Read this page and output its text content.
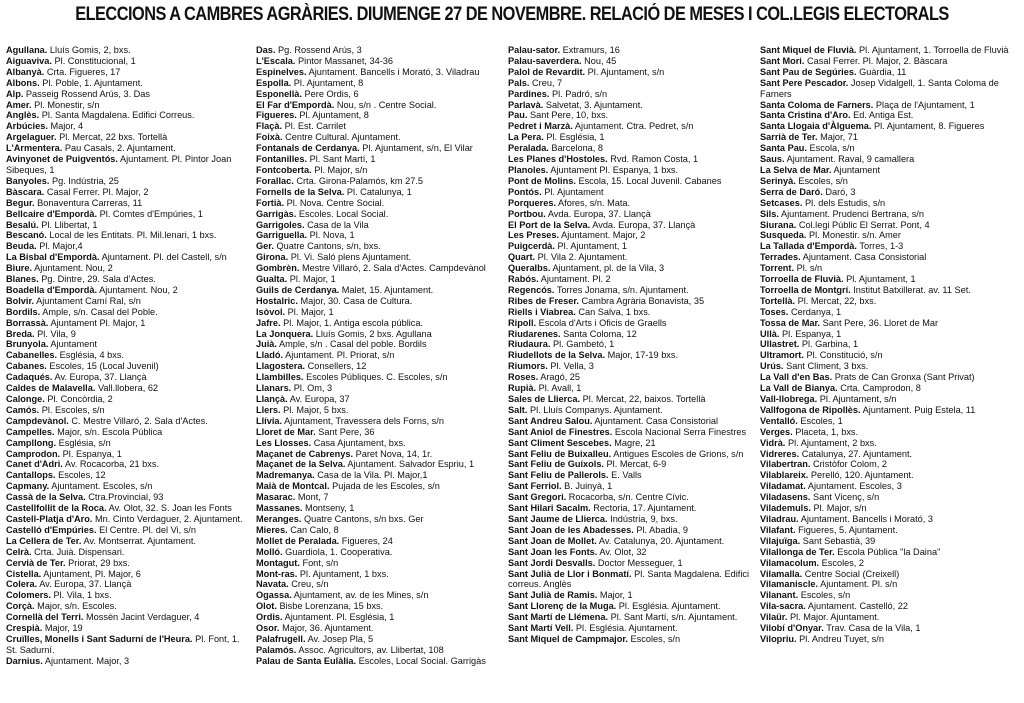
ELECCIONS A CAMBRES AGRÀRIES. DIUMENGE 27 DE NOVEMBRE. RELACIÓ DE MESES I COL.LEGIS ELECTORALS

Agullana. Lluís Gomis, 2, bxs.

Aiguaviva. Pl. Constitucional, 1

Albanyà. Crta. Figueres, 17

Albons. Pl. Poble, 1. Ajuntament.

Alp. Passeig Rossend Arús, 3. Das

Amer. Pl. Monestir, s/n

Anglès. Pl. Santa Magdalena. Edifici Correus.

Arbúcies. Major, 4

Argelaguer. Pl. Mercat, 22 bxs. Tortellà

L'Armentera. Pau Casals, 2. Ajuntament.

Avinyonet de Puigventós. Ajuntament. Pl. Pintor Joan Sibeques, 1

Banyoles. Pg. Indústria, 25

Bàscara. Casal Ferrer. Pl. Major, 2

Begur. Bonaventura Carreras, 11

Bellcaire d'Empordà. Pl. Comtes d'Empúries, 1

Besalú. Pl. Llibertat, 1

Bescanó. Local de les Entitats. Pl. Mil.lenari, 1 bxs.

Beuda. Pl. Major,4

La Bisbal d'Empordà. Ajuntament. Pl. del Castell, s/n

Biure. Ajuntament. Nou, 2

Blanes. Pg. Dintre, 29. Sala d'Actes.

Boadella d'Empordà. Ajuntament. Nou, 2

Bolvir. Ajuntament Camí Ral, s/n

Bordils. Ample, s/n. Casal del Poble.

Borrassà. Ajuntament Pl. Major, 1

Breda. Pl. Vila, 9

Brunyola. Ajuntament

Cabanelles. Església, 4 bxs.

Cabanes. Escoles, 15 (Local Juvenil)

Cadaqués. Av. Europa, 37. Llançà

Caldes de Malavella. Vall.llobera, 62

Calonge. Pl. Concòrdia, 2

Camós. Pl. Escoles, s/n

Campdevànol. C. Mestre Villaró, 2. Sala d'Actes.

Campelles. Major, s/n. Escola Pública

Campllong. Església, s/n

Camprodon. Pl. Espanya, 1

Canet d'Adri. Av. Rocacorba, 21 bxs.

Cantallops. Escoles, 12

Capmany. Ajuntament. Escoles, s/n

Cassà de la Selva. Ctra.Provincial, 93

Castellfollit de la Roca. Av. Olot, 32. S. Joan les Fonts

Castell-Platja d'Aro. Mn. Cinto Verdaguer, 2. Ajuntament.

Castelló d'Empúries. El Centre. Pl. del Vi, s/n

La Cellera de Ter. Av. Montserrat. Ajuntament.

Celrà. Crta. Juià. Dispensari.

Cervià de Ter. Priorat, 29 bxs.

Cistella. Ajuntament, Pl. Major, 6

Colera. Av. Europa, 37. Llançà

Colomers. Pl. Vila, 1 bxs.

Corçà. Major, s/n. Escoles.

Cornellà del Terri. Mossèn Jacint Verdaguer, 4

Crespià. Major, 19

Cruïlles, Monells i Sant Sadurní de l'Heura. Pl. Font, 1. St. Sadurní.

Darnius. Ajuntament. Major, 3

Das. Pg. Rossend Arús, 3

L'Escala. Pintor Massanet, 34-36

Espinelves. Ajuntament. Bancells i Morató, 3. Viladrau

Espolla. Pl. Ajuntament, 8

Esponellà. Pere Ordis, 6

El Far d'Empordà. Nou, s/n . Centre Social.

Figueres. Pl. Ajuntament, 8

Flaçà. Pl. Est. Carrilet

Foixà. Centre Cultural. Ajuntament.

Fontanals de Cerdanya. Pl. Ajuntament, s/n, El Vilar

Fontanilles. Pl. Sant Martí, 1

Fontcoberta. Pl. Major, s/n

Forallac. Crta. Girona-Palamós, km 27.5

Fornells de la Selva. Pl. Catalunya, 1

Fortià. Pl. Nova. Centre Social.

Garrigàs. Escoles. Local Social.

Garrigoles. Casa de la Vila

Garriguella. Pl. Nova, 1

Ger. Quatre Cantons, s/n, bxs.

Girona. Pl. Vi. Saló plens Ajuntament.

Gombrèn. Mestre Villaró, 2. Sala d'Actes. Campdevànol

Gualta. Pl. Major, 1

Guils de Cerdanya. Malet, 15. Ajuntament.

Hostalric. Major, 30. Casa de Cultura.

Isòvol. Pl. Major, 1

Jafre. Pl. Major, 1. Antiga escola pública.

La Jonquera. Lluís Gomis, 2 bxs. Agullana

Juià. Ample, s/n . Casal del poble. Bordils

Lladó. Ajuntament. Pl. Priorat, s/n

Llagostera. Consellers, 12

Llambilles. Escoles Públiques. C. Escoles, s/n

Llanars. Pl. Om, 3

Llançà. Av. Europa, 37

Llers. Pl. Major, 5 bxs.

Llívia. Ajuntament, Travessera dels Forns, s/n

Lloret de Mar. Sant Pere, 36

Les Llosses. Casa Ajuntament, bxs.

Maçanet de Cabrenys. Paret Nova, 14, 1r.

Maçanet de la Selva. Ajuntament. Salvador Espriu, 1

Madremanya. Casa de la Vila. Pl. Major,1

Maià de Montcal. Pujada de les Escoles, s/n

Masarac. Mont, 7

Massanes. Montseny, 1

Meranges. Quatre Cantons, s/n bxs. Ger

Mieres. Can Calo, 8

Mollet de Peralada. Figueres, 24

Molló. Guardiola, 1. Cooperativa.

Montagut. Font, s/n

Mont-ras. Pl. Ajuntament, 1 bxs.

Navata. Creu, s/n

Ogassa. Ajuntament, av. de les Mines, s/n

Olot. Bisbe Lorenzana, 15 bxs.

Ordis. Ajuntament. Pl. Església, 1

Osor. Major, 36. Ajuntament.

Palafrugell. Av. Josep Pla, 5

Palamós. Assoc. Agricultors, av. Llibertat, 108

Palau de Santa Eulàlia. Escoles, Local Social. Garrigàs

Palau-sator. Extramurs, 16

Palau-saverdera. Nou, 45

Palol de Revardit. Pl. Ajuntament, s/n

Pals. Creu, 7

Pardines. Pl. Padró, s/n

Parlavà. Salvetat, 3. Ajuntament.

Pau. Sant Pere, 10, bxs.

Pedret i Marzà. Ajuntament. Ctra. Pedret, s/n

La Pera. Pl. Església, 1

Peralada. Barcelona, 8

Les Planes d'Hostoles. Rvd. Ramon Costa, 1

Planoles. Ajuntament Pl. Espanya, 1 bxs.

Pont de Molins. Escola, 15. Local Juvenil. Cabanes

Pontós. Pl. Ajuntament

Porqueres. Afores, s/n. Mata.

Portbou. Avda. Europa, 37. Llançà

El Port de la Selva. Avda. Europa, 37. Llançà

Les Preses. Ajuntament. Major, 2

Puigcerdà. Pl. Ajuntament, 1

Quart. Pl. Vila 2. Ajuntament.

Queralbs. Ajuntament, pl. de la Vila, 3

Rabós. Ajuntament. Pl. 2

Regencós. Torres Jonama, s/n. Ajuntament.

Ribes de Freser. Cambra Agrària Bonavista, 35

Riells i Viabrea. Can Salva, 1 bxs.

Ripoll. Escola d'Arts i Oficis de Graells

Riudarenes. Santa Coloma, 12

Riudaura. Pl. Gambetó, 1

Riudellots de la Selva. Major, 17-19 bxs.

Riumors. Pl. Vella, 3

Roses. Aragó, 25

Rupià. Pl. Avall, 1

Sales de Llierca. Pl. Mercat, 22, baixos. Tortellà

Salt. Pl. Lluís Companys. Ajuntament.

Sant Andreu Salou. Ajuntament. Casa Consistorial

Sant Aniol de Finestres. Escola Nacional Serra Finestres

Sant Climent Sescebes. Magre, 21

Sant Feliu de Buixalleu. Antigues Escoles de Grions, s/n

Sant Feliu de Guíxols. Pl. Mercat, 6-9

Sant Feliu de Pallerols. E. Valls

Sant Ferriol. B. Juinyà, 1

Sant Gregori. Rocacorba, s/n. Centre Cívic.

Sant Hilari Sacalm. Rectoria, 17. Ajuntament.

Sant Jaume de Llierca. Indústria, 9, bxs.

Sant Joan de les Abadesses. Pl. Abadia, 9

Sant Joan de Mollet. Av. Catalunya, 20. Ajuntament.

Sant Joan les Fonts. Av. Olot, 32

Sant Jordi Desvalls. Doctor Messeguer, 1

Sant Julià de Llor i Bonmatí. Pl. Santa Magdalena. Edifici correus. Anglès

Sant Julià de Ramis. Major, 1

Sant Llorenç de la Muga. Pl. Església. Ajuntament.

Sant Martí de Llémena. Pl. Sant Martí, s/n. Ajuntament.

Sant Martí Vell. Pl. Església. Ajuntament.

Sant Miquel de Campmajor. Escoles, s/n

Sant Miquel de Fluvià. Pl. Ajuntament, 1. Torroella de Fluvià

Sant Mori. Casal Ferrer. Pl. Major, 2. Bàscara

Sant Pau de Segúries. Guàrdia, 11

Sant Pere Pescador. Josep Vidalgell, 1. Santa Coloma de Farners

Santa Coloma de Farners. Plaça de l'Ajuntament, 1

Santa Cristina d'Aro. Ed. Antiga Est.

Santa Llogaia d'Àlguema. Pl. Ajuntament, 8. Figueres

Sarrià de Ter. Major, 71

Santa Pau. Escola, s/n

Saus. Ajuntament. Raval, 9 camallera

La Selva de Mar. Ajuntament

Serinyà. Escoles, s/n

Serra de Daró. Daró, 3

Setcases. Pl. dels Estudis, s/n

Sils. Ajuntament. Prudenci Bertrana, s/n

Siurana. Col.legi Públic El Serrat. Pont, 4

Susqueda. Pl. Monestir. s/n. Amer

La Tallada d'Empordà. Torres, 1-3

Terrades. Ajuntament. Casa Consistorial

Torrent. Pl. s/n

Torroella de Fluvià. Pl. Ajuntament, 1

Torroella de Montgrí. Institut Batxillerat. av. 11 Set.

Tortellà. Pl. Mercat, 22, bxs.

Toses. Cerdanya, 1

Tossa de Mar. Sant Pere, 36. Lloret de Mar

Ullà. Pl. Espanya, 1

Ullastret. Pl. Garbina, 1

Ultramort. Pl. Constitució, s/n

Urús. Sant Climent, 3 bxs.

La Vall d'en Bas. Prats de Can Gronxa (Sant Privat)

La Vall de Bianya. Crta. Camprodon, 8

Vall-llobrega. Pl. Ajuntament, s/n

Vallfogona de Ripollès. Ajuntament. Puig Estela, 11

Ventalló. Escoles, 1

Verges. Placeta, 1, bxs.

Vidrà. Pl. Ajuntament, 2 bxs.

Vidreres. Catalunya, 27. Ajuntament.

Vilabertran. Cristòfor Colom, 2

Vilablareix. Perelló, 120. Ajuntament.

Viladamat. Ajuntament. Escoles, 3

Viladasens. Sant Vicenç, s/n

Vilademuls. Pl. Major, s/n

Viladrau. Ajuntament. Bancells i Morató, 3

Vilafant. Figueres, 5. Ajuntament.

Vilajuïga. Sant Sebastià, 39

Vilallonga de Ter. Escola Pública "la Daina"

Vilamacolum. Escoles, 2

Vilamalla. Centre Social (Creixell)

Vilamaniscle. Ajuntament. Pl. s/n

Vilanant. Escoles, s/n

Vila-sacra. Ajuntament. Castelló, 22

Vilaür. Pl. Major. Ajuntament.

Vilobí d'Onyar. Trav. Casa de la Vila, 1

Vilopriu. Pl. Andreu Tuyet, s/n
